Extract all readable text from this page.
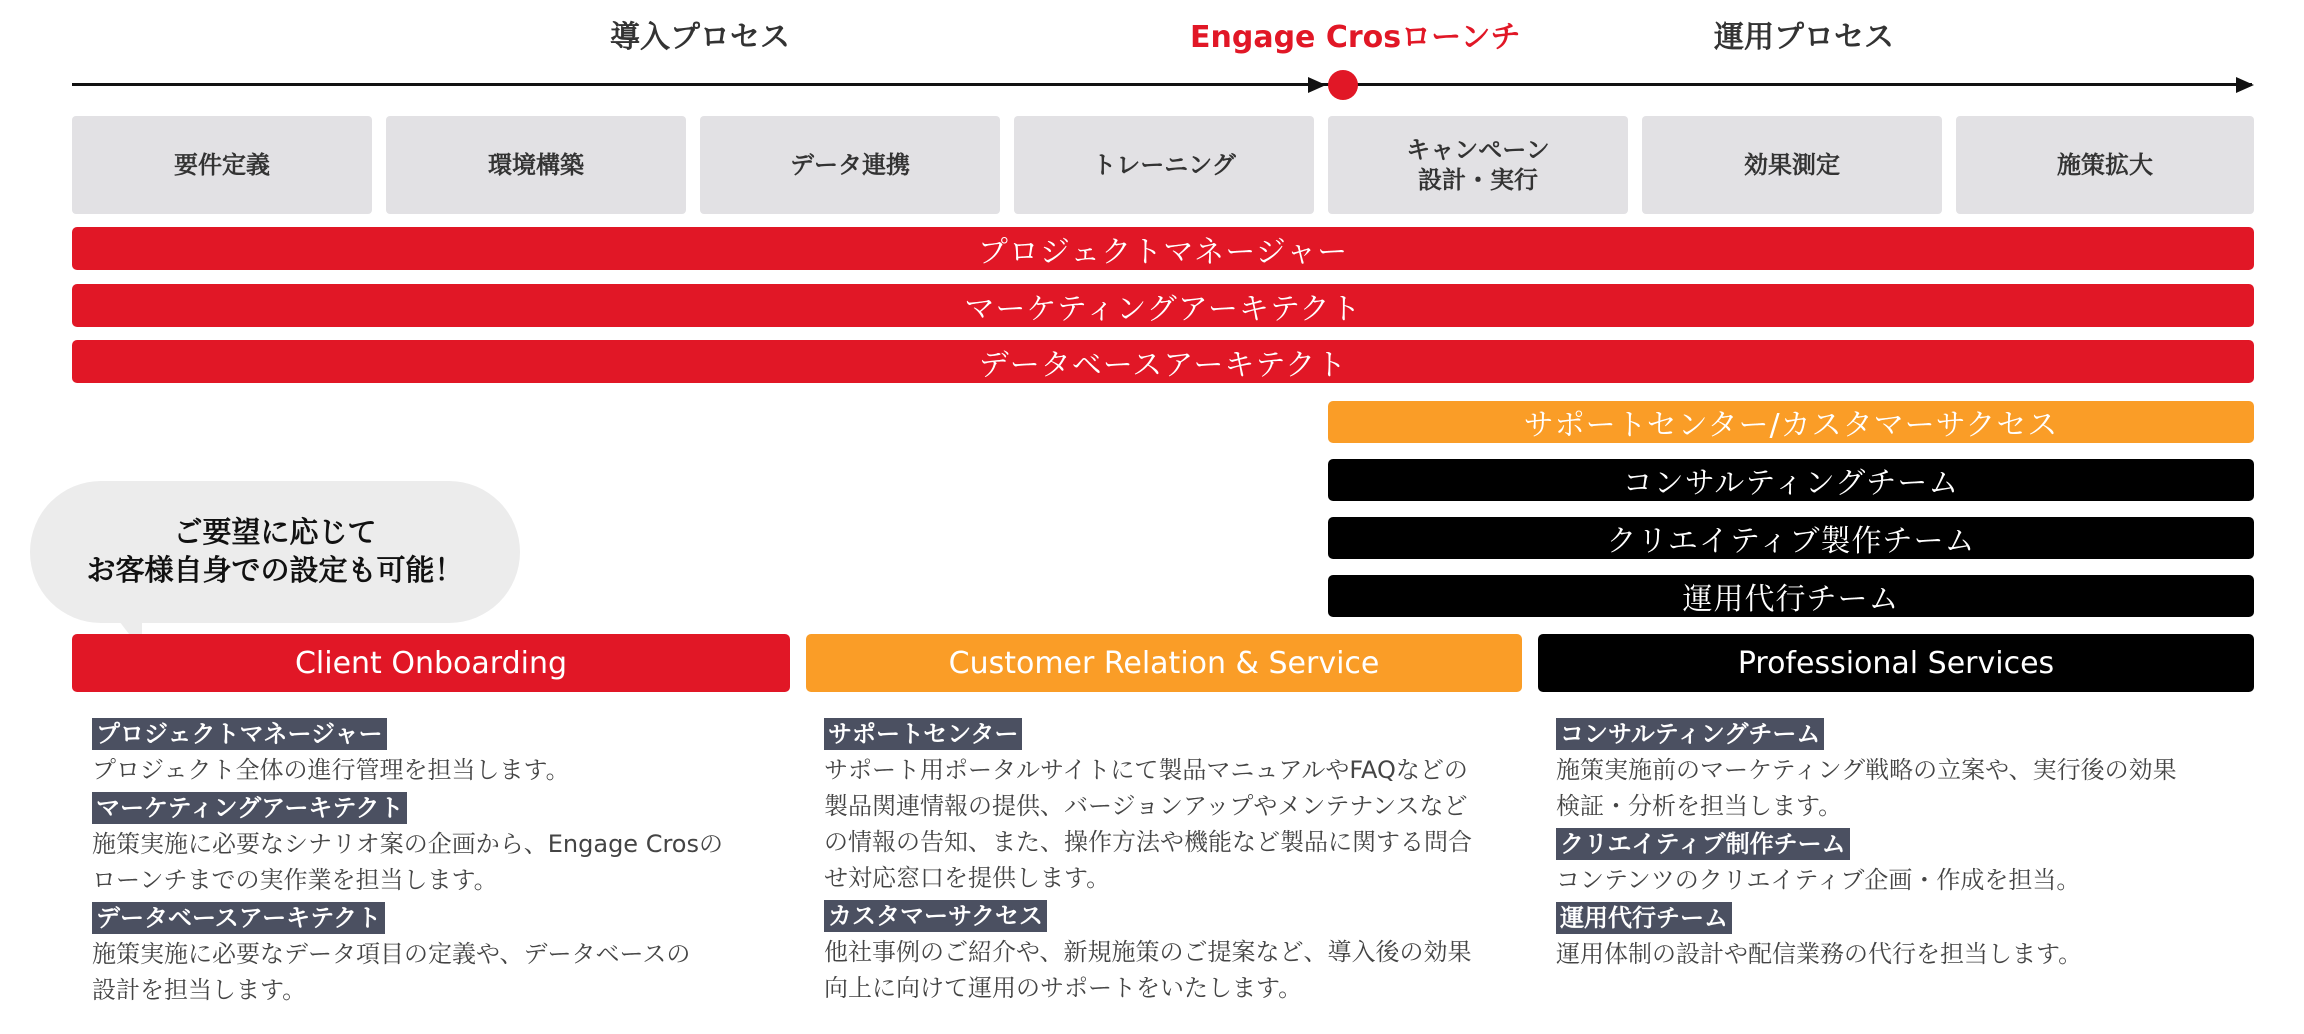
導入プロセス	Engage Crosローンチ	運用プロセス
要件定義	環境構築	データ連携	トレーニング
キャンペーン
設計・実行
効果測定	施策拡大
プロジェクトマネージャー
マーケティングアーキテクト
データベースアーキテクト
サポートセンター/カスタマーサクセス
コンサルティングチーム
クリエイティブ製作チーム
運用代行チーム
ご要望に応じて
お客様自身での設定も可能！
Client Onboarding	Customer Relation & Service	Professional Services
プロジェクトマネージャー
プロジェクト全体の進行管理を担当します。
マーケティングアーキテクト
施策実施に必要なシナリオ案の企画から、Engage Crosの
ローンチまでの実作業を担当します。
データベースアーキテクト
施策実施に必要なデータ項目の定義や、データベースの
設計を担当します。
サポートセンター
サポート用ポータルサイトにて製品マニュアルやFAQなどの
製品関連情報の提供、バージョンアップやメンテナンスなど
の情報の告知、また、操作方法や機能など製品に関する問合
せ対応窓口を提供します。
カスタマーサクセス
他社事例のご紹介や、新規施策のご提案など、導入後の効果
向上に向けて運用のサポートをいたします。
コンサルティングチーム
施策実施前のマーケティング戦略の立案や、実行後の効果
検証・分析を担当します。
クリエイティブ制作チーム
コンテンツのクリエイティブ企画・作成を担当。
運用代行チーム
運用体制の設計や配信業務の代行を担当します。
